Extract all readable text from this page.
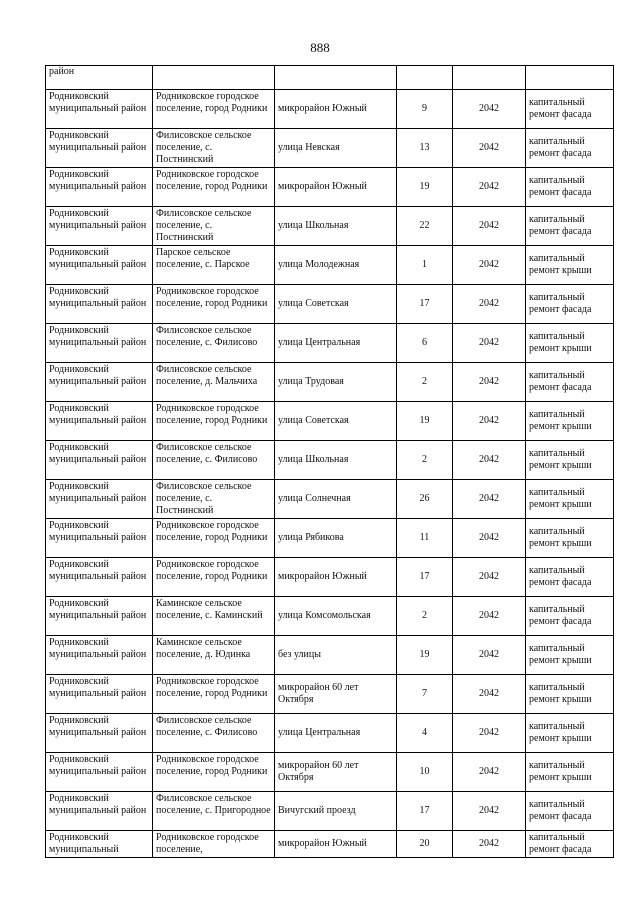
888
район					
Родниковский муниципальный район	Родниковское городское поселение, город Родники	микрорайон Южный	9	2042	капитальный ремонт фасада
Родниковский муниципальный район	Филисовское сельское поселение, с. Постнинский	улица Невская	13	2042	капитальный ремонт фасада
Родниковский муниципальный район	Родниковское городское поселение, город Родники	микрорайон Южный	19	2042	капитальный ремонт фасада
Родниковский муниципальный район	Филисовское сельское поселение, с. Постнинский	улица Школьная	22	2042	капитальный ремонт фасада
Родниковский муниципальный район	Парское сельское поселение, с. Парское	улица Молодежная	1	2042	капитальный ремонт крыши
Родниковский муниципальный район	Родниковское городское поселение, город Родники	улица Советская	17	2042	капитальный ремонт фасада
Родниковский муниципальный район	Филисовское сельское поселение, с. Филисово	улица Центральная	6	2042	капитальный ремонт крыши
Родниковский муниципальный район	Филисовское сельское поселение, д. Мальчиха	улица Трудовая	2	2042	капитальный ремонт фасада
Родниковский муниципальный район	Родниковское городское поселение, город Родники	улица Советская	19	2042	капитальный ремонт крыши
Родниковский муниципальный район	Филисовское сельское поселение, с. Филисово	улица Школьная	2	2042	капитальный ремонт крыши
Родниковский муниципальный район	Филисовское сельское поселение, с. Постнинский	улица Солнечная	26	2042	капитальный ремонт крыши
Родниковский муниципальный район	Родниковское городское поселение, город Родники	улица Рябикова	11	2042	капитальный ремонт крыши
Родниковский муниципальный район	Родниковское городское поселение, город Родники	микрорайон Южный	17	2042	капитальный ремонт фасада
Родниковский муниципальный район	Каминское сельское поселение, с. Каминский	улица Комсомольская	2	2042	капитальный ремонт фасада
Родниковский муниципальный район	Каминское сельское поселение, д. Юдинка	без улицы	19	2042	капитальный ремонт крыши
Родниковский муниципальный район	Родниковское городское поселение, город Родники	микрорайон 60 лет Октября	7	2042	капитальный ремонт крыши
Родниковский муниципальный район	Филисовское сельское поселение, с. Филисово	улица Центральная	4	2042	капитальный ремонт крыши
Родниковский муниципальный район	Родниковское городское поселение, город Родники	микрорайон 60 лет Октября	10	2042	капитальный ремонт крыши
Родниковский муниципальный район	Филисовское сельское поселение, с. Пригородное	Вичугский проезд	17	2042	капитальный ремонт фасада
Родниковский муниципальный	Родниковское городское поселение,	микрорайон Южный	20	2042	капитальный ремонт фасада
